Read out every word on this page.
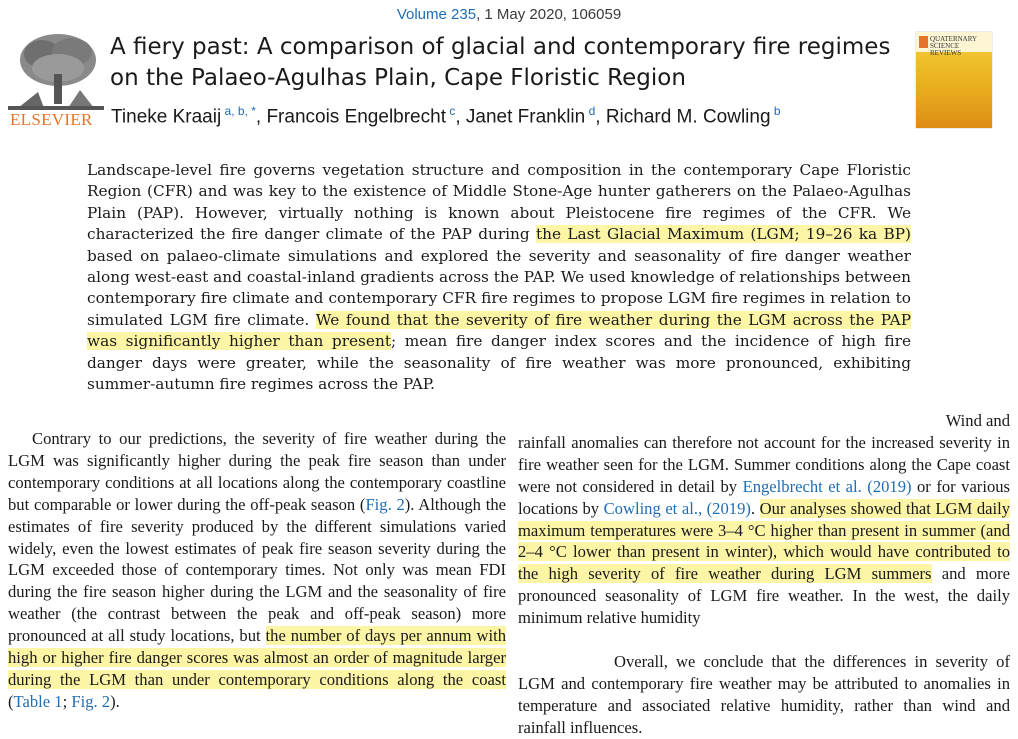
Volume 235, 1 May 2020, 106059
ELSEVIER
A fiery past: A comparison of glacial and contemporary fire regimes on the Palaeo-Agulhas Plain, Cape Floristic Region
Tineke Kraaij $^{a, b, *}$, Francois Engelbrecht $^c$, Janet Franklin $^d$, Richard M. Cowling $^b$
QUATERNARY SCIENCE REVIEWS

Landscape-level fire governs vegetation structure and composition in the contemporary Cape Floristic Region (CFR) and was key to the existence of Middle Stone-Age hunter gatherers on the Palaeo-Agulhas Plain (PAP). However, virtually nothing is known about Pleistocene fire regimes of the CFR. We characterized the fire danger climate of the PAP during the Last Glacial Maximum (LGM; 19–26 ka BP) based on palaeo-climate simulations and explored the severity and seasonality of fire danger weather along west-east and coastal-inland gradients across the PAP. We used knowledge of relationships between contemporary fire climate and contemporary CFR fire regimes to propose LGM fire regimes in relation to simulated LGM fire climate. We found that the severity of fire weather during the LGM across the PAP was significantly higher than present; mean fire danger index scores and the incidence of high fire danger days were greater, while the seasonality of fire weather was more pronounced, exhibiting summer-autumn fire regimes across the PAP.

Contrary to our predictions, the severity of fire weather during the LGM was significantly higher during the peak fire season than under contemporary conditions at all locations along the contemporary coastline but comparable or lower during the off-peak season (Fig. 2). Although the estimates of fire severity produced by the different simulations varied widely, even the lowest estimates of peak fire season severity during the LGM exceeded those of contemporary times. Not only was mean FDI during the fire season higher during the LGM and the seasonality of fire weather (the contrast between the peak and off-peak season) more pronounced at all study locations, but the number of days per annum with high or higher fire danger scores was almost an order of magnitude larger during the LGM than under contemporary conditions along the coast (Table 1; Fig. 2).

Wind and

rainfall anomalies can therefore not account for the increased severity in fire weather seen for the LGM. Summer conditions along the Cape coast were not considered in detail by Engelbrecht et al. (2019) or for various locations by Cowling et al., (2019). Our analyses showed that LGM daily maximum temperatures were 3–4 °C higher than present in summer (and 2–4 °C lower than present in winter), which would have contributed to the high severity of fire weather during LGM summers and more pronounced seasonality of LGM fire weather. In the west, the daily minimum relative humidity

Overall, we conclude that the differences in severity of LGM and contemporary fire weather may be attributed to anomalies in temperature and associated relative humidity, rather than wind and rainfall influences.
